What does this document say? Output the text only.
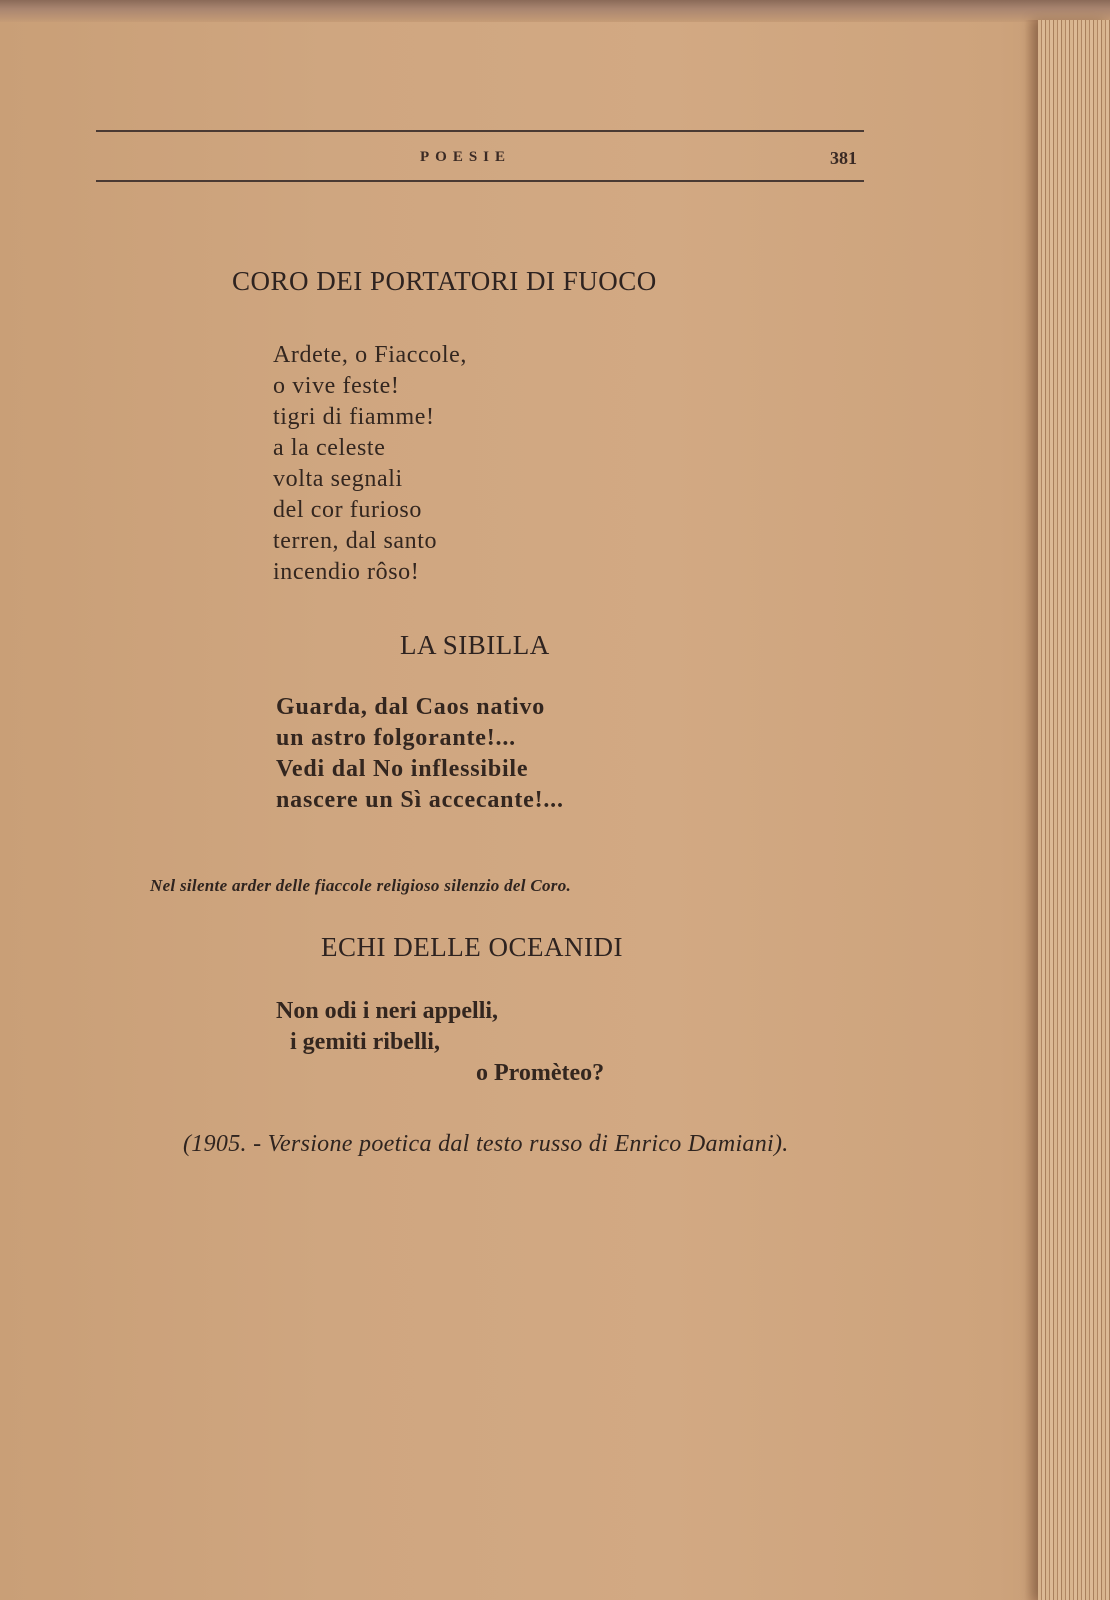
POESIE	381
CORO DEI PORTATORI DI FUOCO
Ardete, o Fiaccole,
o vive feste!
tigri di fiamme!
a la celeste
volta segnali
del cor furioso
terren, dal santo
incendio rôso!
LA SIBILLA
Guarda, dal Caos nativo
un astro folgorante!...
Vedi dal No inflessibile
nascere un Sì accecante!...
Nel silente arder delle fiaccole religioso silenzio del Coro.
ECHI DELLE OCEANIDI
Non odi i neri appelli,
i gemiti ribelli,
o Promèteo?
(1905. - Versione poetica dal testo russo di Enrico Damiani).
